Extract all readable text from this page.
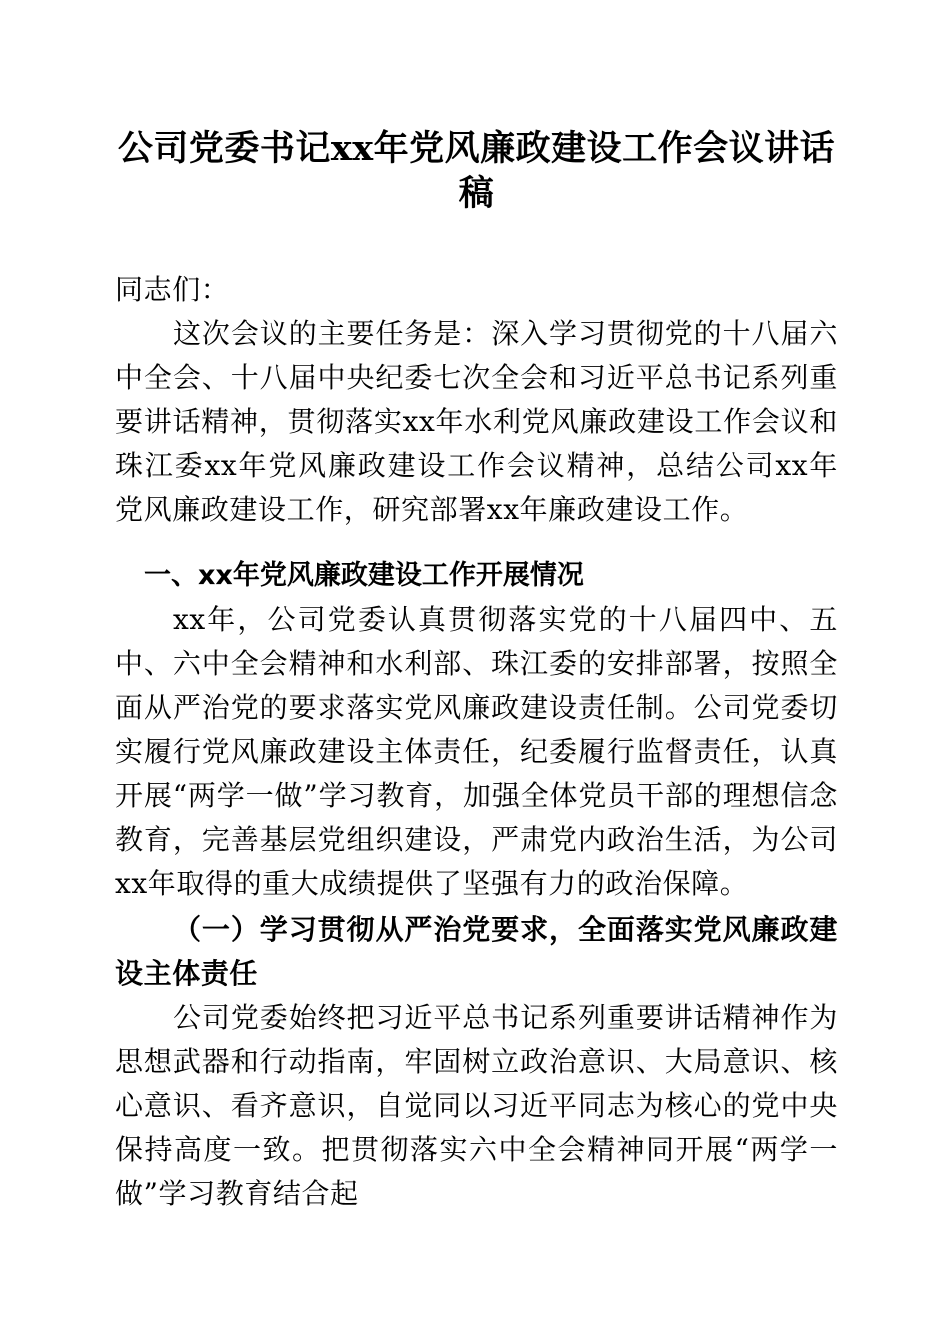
公司党委书记xx年党风廉政建设工作会议讲话稿

同志们：

这次会议的主要任务是：深入学习贯彻党的十八届六中全会、十八届中央纪委七次全会和习近平总书记系列重要讲话精神，贯彻落实xx年水利党风廉政建设工作会议和珠江委xx年党风廉政建设工作会议精神，总结公司xx年党风廉政建设工作，研究部署xx年廉政建设工作。

一、xx年党风廉政建设工作开展情况

xx年，公司党委认真贯彻落实党的十八届四中、五中、六中全会精神和水利部、珠江委的安排部署，按照全面从严治党的要求落实党风廉政建设责任制。公司党委切实履行党风廉政建设主体责任，纪委履行监督责任，认真开展“两学一做”学习教育，加强全体党员干部的理想信念教育，完善基层党组织建设，严肃党内政治生活，为公司xx年取得的重大成绩提供了坚强有力的政治保障。

（一）学习贯彻从严治党要求，全面落实党风廉政建设主体责任

公司党委始终把习近平总书记系列重要讲话精神作为思想武器和行动指南，牢固树立政治意识、大局意识、核心意识、看齐意识，自觉同以习近平同志为核心的党中央保持高度一致。把贯彻落实六中全会精神同开展“两学一做”学习教育结合起
